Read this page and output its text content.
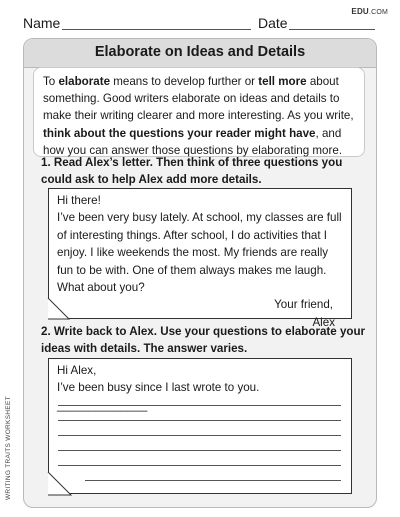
Name	Date
EDU.COM
Elaborate on Ideas and Details
To elaborate means to develop further or tell more about something. Good writers elaborate on ideas and details to make their writing clearer and more interesting. As you write, think about the questions your reader might have, and how you can answer those questions by elaborating more.
1. Read Alex’s letter. Then think of three questions you could ask to help Alex add more details.
Hi there!
I’ve been very busy lately. At school, my classes are full of interesting things. After school, I do activities that I enjoy. I like weekends the most. My friends are really fun to be with. One of them always makes me laugh. What about you?
Your friend,
Alex
2. Write back to Alex. Use your questions to elaborate your ideas with details. The answer varies.
Hi Alex,
I’ve been busy since I last wrote to you. ______________
WRITING TRAITS WORKSHEET
